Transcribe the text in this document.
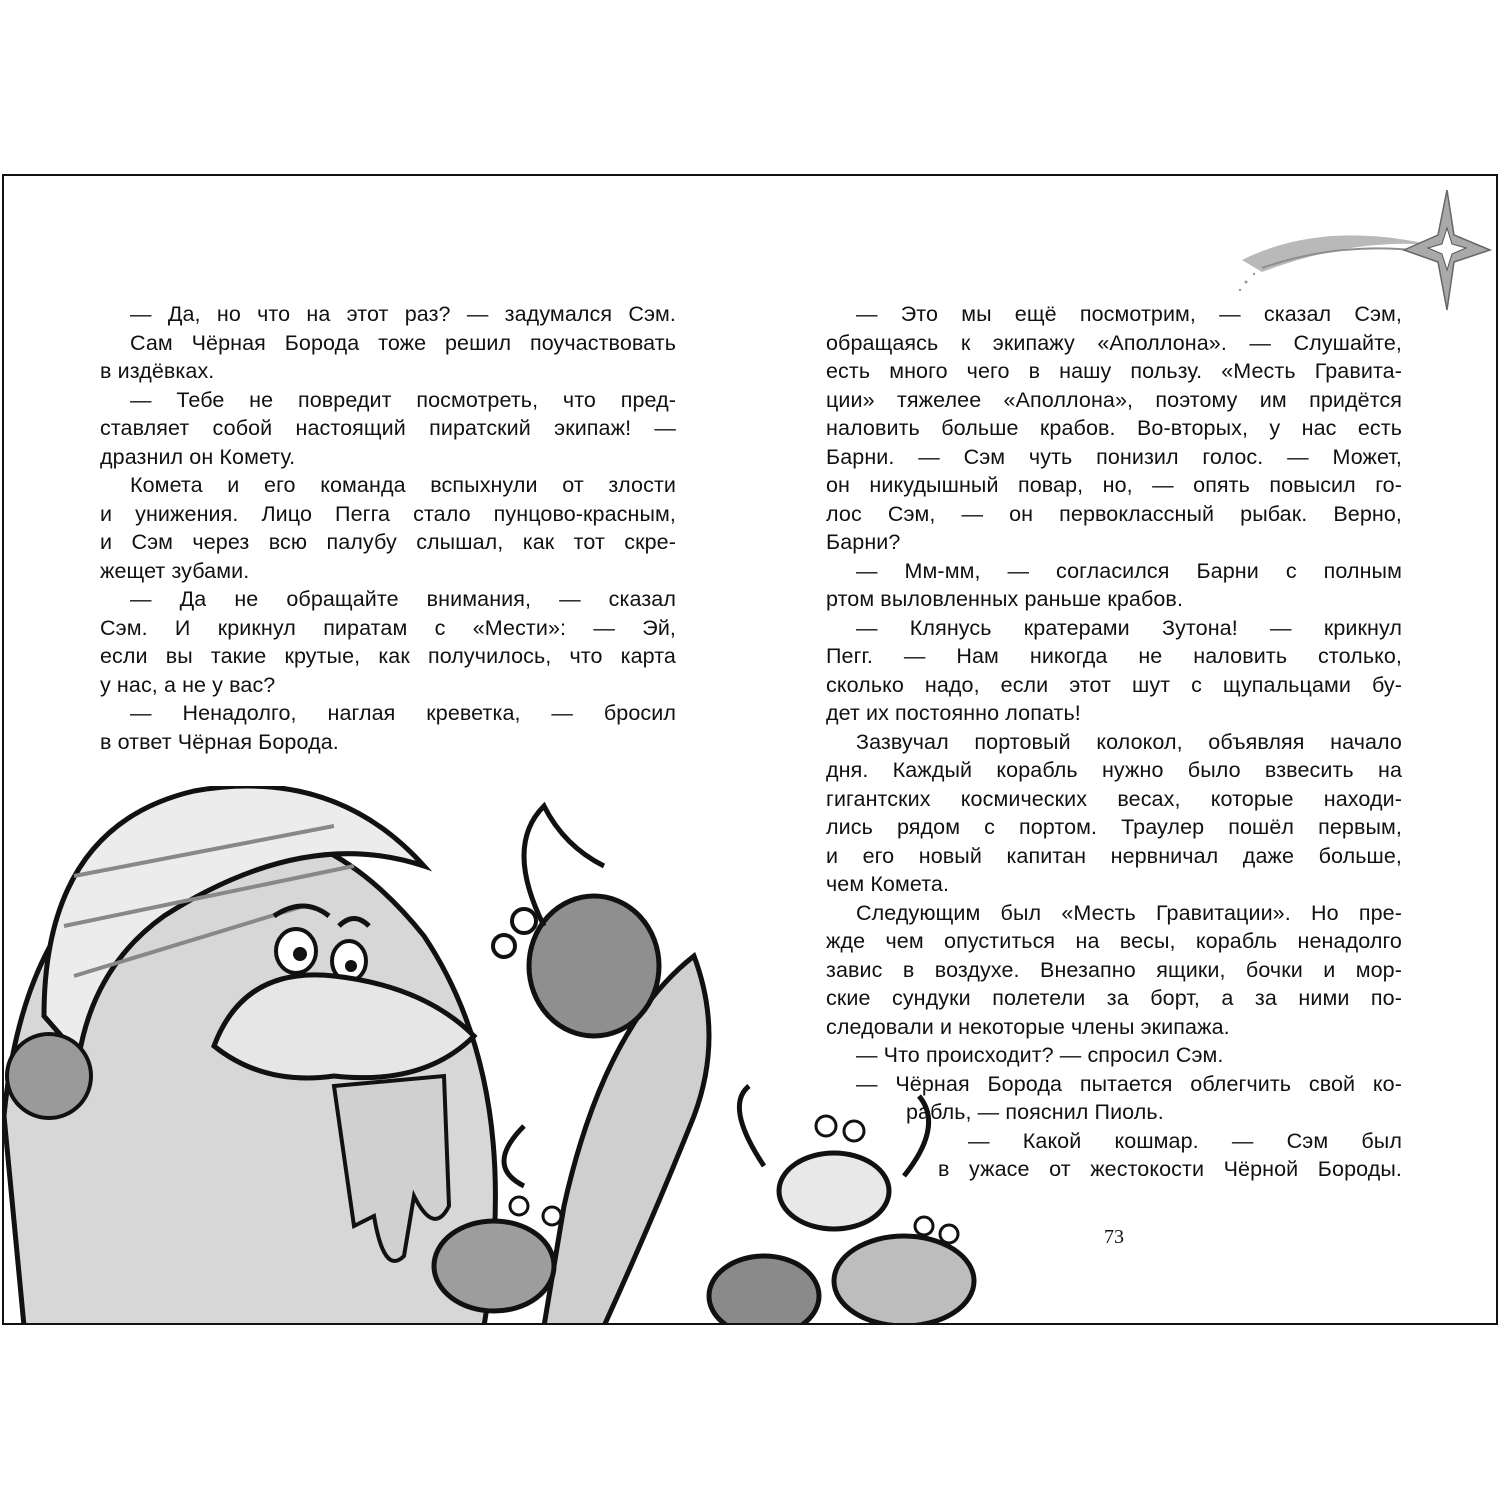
— Да, но что на этот раз? — задумался Сэм.
Сам Чёрная Борода тоже решил поучаствовать
в издёвках.
— Тебе не повредит посмотреть, что пред-
ставляет собой настоящий пиратский экипаж! —
дразнил он Комету.
Комета и его команда вспыхнули от злости
и унижения. Лицо Пегга стало пунцово-красным,
и Сэм через всю палубу слышал, как тот скре-
жещет зубами.
— Да не обращайте внимания, — сказал
Сэм. И крикнул пиратам с «Мести»: — Эй,
если вы такие крутые, как получилось, что карта
у нас, а не у вас?
— Ненадолго, наглая креветка, — бросил
в ответ Чёрная Борода.
— Это мы ещё посмотрим, — сказал Сэм,
обращаясь к экипажу «Аполлона». — Слушайте,
есть много чего в нашу пользу. «Месть Гравита-
ции» тяжелее «Аполлона», поэтому им придётся
наловить больше крабов. Во-вторых, у нас есть
Барни. — Сэм чуть понизил голос. — Может,
он никудышный повар, но, — опять повысил го-
лос Сэм, — он первоклассный рыбак. Верно,
Барни?
— Мм-мм, — согласился Барни с полным
ртом выловленных раньше крабов.
— Клянусь кратерами Зутона! — крикнул
Пегг. — Нам никогда не наловить столько,
сколько надо, если этот шут с щупальцами бу-
дет их постоянно лопать!
Зазвучал портовый колокол, объявляя начало
дня. Каждый корабль нужно было взвесить на
гигантских космических весах, которые находи-
лись рядом с портом. Траулер пошёл первым,
и его новый капитан нервничал даже больше,
чем Комета.
Следующим был «Месть Гравитации». Но пре-
жде чем опуститься на весы, корабль ненадолго
завис в воздухе. Внезапно ящики, бочки и мор-
ские сундуки полетели за борт, а за ними по-
следовали и некоторые члены экипажа.
— Что происходит? — спросил Сэм.
— Чёрная Борода пытается облегчить свой ко-
рабль, — пояснил Пиоль.
— Какой кошмар. — Сэм был
в ужасе от жестокости Чёрной Бороды.
73
